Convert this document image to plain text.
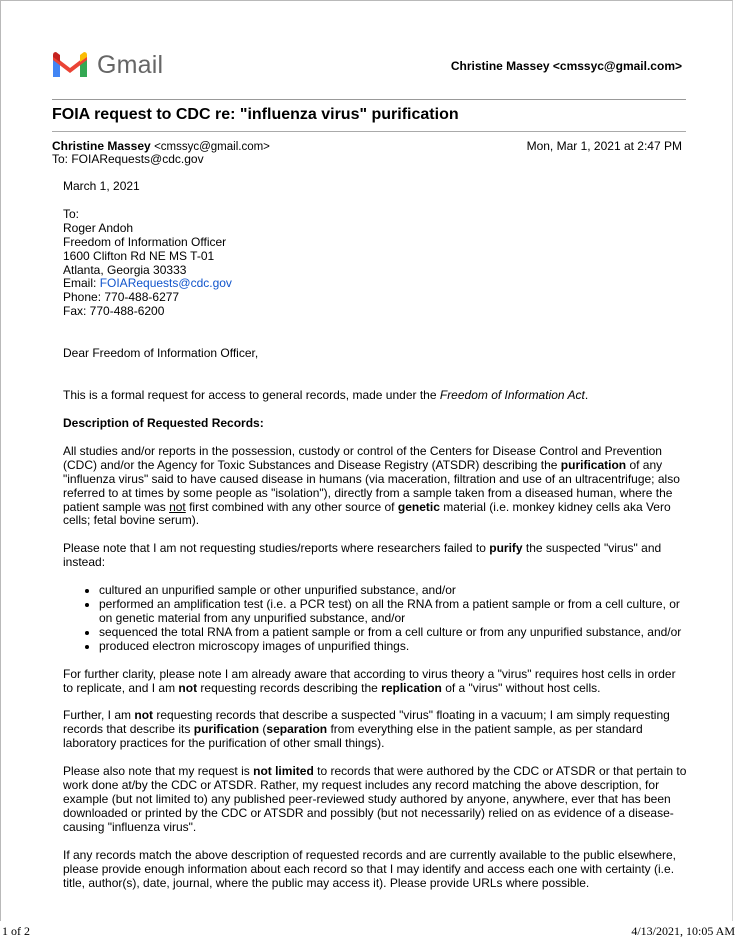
Gmail	Christine Massey <cmssyc@gmail.com>
FOIA request to CDC re: "influenza virus" purification
Christine Massey <cmssyc@gmail.com>	Mon, Mar 1, 2021 at 2:47 PM
To: FOIARequests@cdc.gov

March 1, 2021

To:

Roger Andoh

Freedom of Information Officer

1600 Clifton Rd NE MS T-01

Atlanta, Georgia 30333

Email: FOIARequests@cdc.gov

Phone: 770-488-6277

Fax: 770-488-6200

Dear Freedom of Information Officer,

This is a formal request for access to general records, made under the Freedom of Information Act.

Description of Requested Records:

All studies and/or reports in the possession, custody or control of the Centers for Disease Control and Prevention (CDC) and/or the Agency for Toxic Substances and Disease Registry (ATSDR) describing the purification of any "influenza virus" said to have caused disease in humans (via maceration, filtration and use of an ultracentrifuge; also referred to at times by some people as "isolation"), directly from a sample taken from a diseased human, where the patient sample was not first combined with any other source of genetic material (i.e. monkey kidney cells aka Vero cells; fetal bovine serum).

Please note that I am not requesting studies/reports where researchers failed to purify the suspected "virus" and instead:

• cultured an unpurified sample or other unpurified substance, and/or
• performed an amplification test (i.e. a PCR test) on all the RNA from a patient sample or from a cell culture, or on genetic material from any unpurified substance, and/or
• sequenced the total RNA from a patient sample or from a cell culture or from any unpurified substance, and/or
• produced electron microscopy images of unpurified things.

For further clarity, please note I am already aware that according to virus theory a "virus" requires host cells in order to replicate, and I am not requesting records describing the replication of a "virus" without host cells.

Further, I am not requesting records that describe a suspected "virus" floating in a vacuum; I am simply requesting records that describe its purification (separation from everything else in the patient sample, as per standard laboratory practices for the purification of other small things).

Please also note that my request is not limited to records that were authored by the CDC or ATSDR or that pertain to work done at/by the CDC or ATSDR. Rather, my request includes any record matching the above description, for example (but not limited to) any published peer-reviewed study authored by anyone, anywhere, ever that has been downloaded or printed by the CDC or ATSDR and possibly (but not necessarily) relied on as evidence of a disease-causing "influenza virus".

If any records match the above description of requested records and are currently available to the public elsewhere, please provide enough information about each record so that I may identify and access each one with certainty (i.e. title, author(s), date, journal, where the public may access it). Please provide URLs where possible.

1 of 2	4/13/2021, 10:05 AM
